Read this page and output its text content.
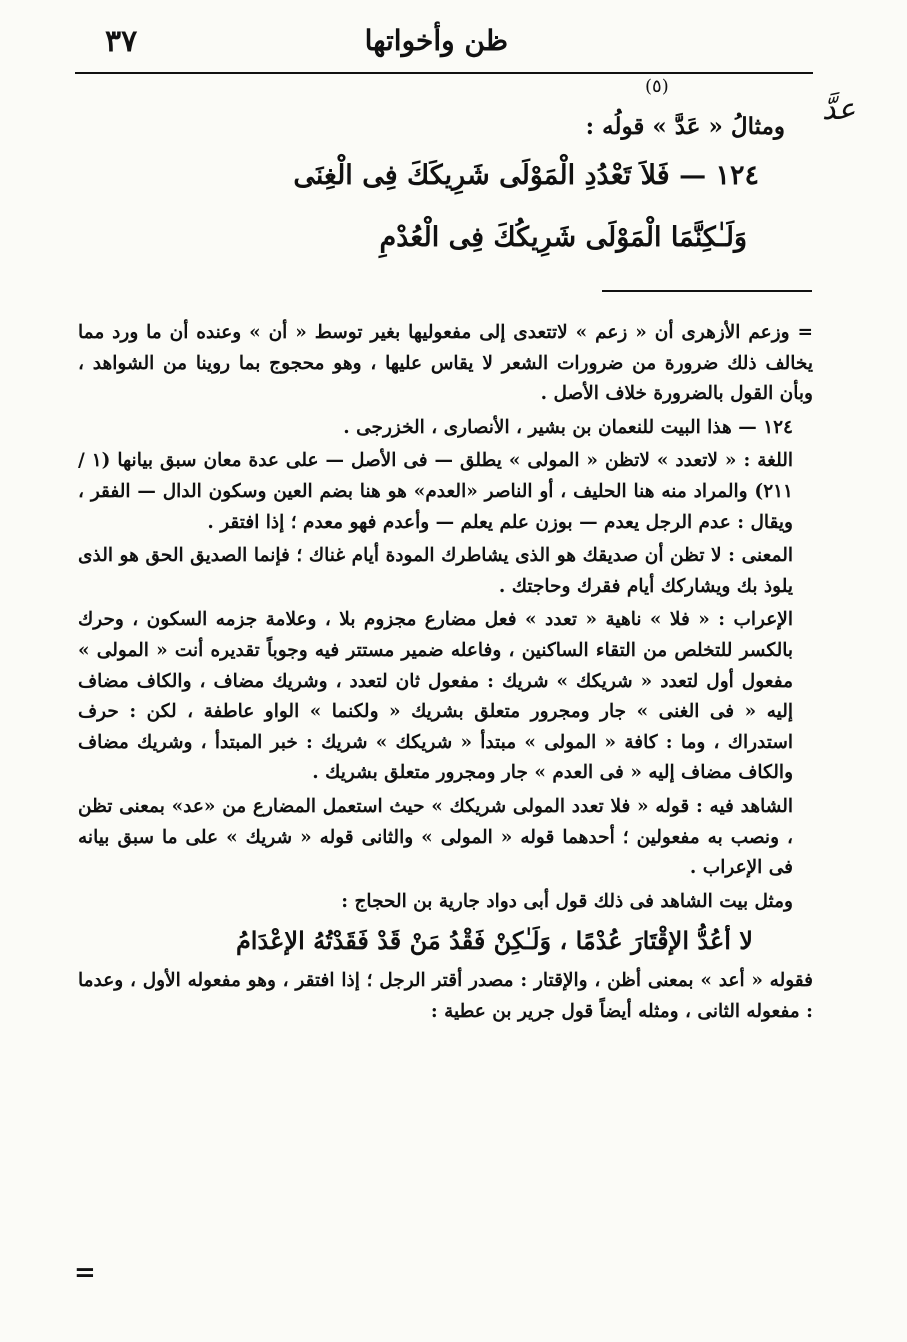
ظن وأخواتها
٣٧
(٥)
عدَّ
ومثالُ « عَدَّ » قولُه :
١٢٤ — فَلاَ تَعْدُدِ الْمَوْلَى شَرِيكَكَ فِى الْغِنَى
وَلَـٰكِنَّمَا الْمَوْلَى شَرِيكُكَ فِى الْعُدْمِ

= وزعم الأزهرى أن « زعم » لاتتعدى إلى مفعوليها بغير توسط « أن » وعنده أن ما ورد مما يخالف ذلك ضرورة من ضرورات الشعر لا يقاس عليها ، وهو محجوج بما روينا من الشواهد ، وبأن القول بالضرورة خلاف الأصل .

١٢٤ — هذا البيت للنعمان بن بشير ، الأنصارى ، الخزرجى .

اللغة : « لاتعدد » لاتظن « المولى » يطلق — فى الأصل — على عدة معان سبق بيانها (١ / ٢١١) والمراد منه هنا الحليف ، أو الناصر «العدم» هو هنا بضم العين وسكون الدال — الفقر ، ويقال : عدم الرجل يعدم — بوزن علم يعلم — وأعدم فهو معدم ؛ إذا افتقر .

المعنى : لا تظن أن صديقك هو الذى يشاطرك المودة أيام غناك ؛ فإنما الصديق الحق هو الذى يلوذ بك ويشاركك أيام فقرك وحاجتك .

الإعراب : « فلا » ناهية « تعدد » فعل مضارع مجزوم بلا ، وعلامة جزمه السكون ، وحرك بالكسر للتخلص من التقاء الساكنين ، وفاعله ضمير مستتر فيه وجوباً تقديره أنت « المولى » مفعول أول لتعدد « شريكك » شريك : مفعول ثان لتعدد ، وشريك مضاف ، والكاف مضاف إليه « فى الغنى » جار ومجرور متعلق بشريك « ولكنما » الواو عاطفة ، لكن : حرف استدراك ، وما : كافة « المولى » مبتدأ « شريكك » شريك : خبر المبتدأ ، وشريك مضاف والكاف مضاف إليه « فى العدم » جار ومجرور متعلق بشريك .

الشاهد فيه : قوله « فلا تعدد المولى شريكك » حيث استعمل المضارع من «عد» بمعنى تظن ، ونصب به مفعولين ؛ أحدهما قوله « المولى » والثانى قوله « شريك » على ما سبق بيانه فى الإعراب .

ومثل بيت الشاهد فى ذلك قول أبى دواد جارية بن الحجاج :

لا أعُدُّ الإقْتَارَ عُدْمًا ، وَلَـٰكِنْ فَقْدُ مَنْ قَدْ فَقَدْتُهُ الإعْدَامُ

فقوله « أعد » بمعنى أظن ، والإقتار : مصدر أقتر الرجل ؛ إذا افتقر ، وهو مفعوله الأول ، وعدما : مفعوله الثانى ، ومثله أيضاً قول جرير بن عطية :

=
